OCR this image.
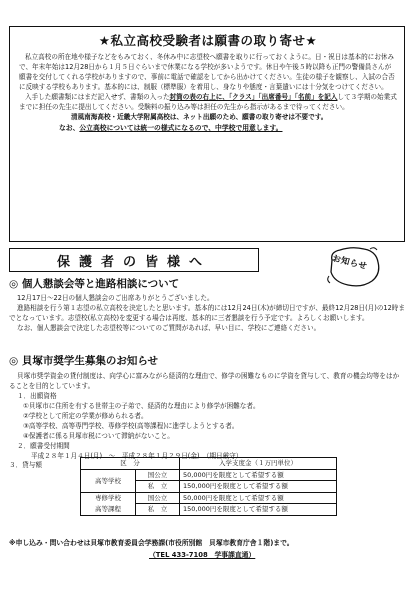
★私立高校受験者は願書の取り寄せ★

私立高校の所在地や様子などをもみておく、冬休み中に志望校へ願書を取りに行っておくように。日・祝日は基本的にお休みで、年末年始は12月28日から１月５日ぐらいまで休業になる学校が多いようです。休日や午後５時以降も正門の警備員さんが願書を交付してくれる学校がありますので、事前に電話で確認をしてから出かけてください。生徒の様子を観察し、入試の合否に反映する学校もあります。基本的には、制服（標準服）を着用し、身なりや態度・言葉遣いには十分気をつけてください。

入手した願書類にはまだ記入せず、書類の入った封筒の表の右上に、「クラス」「出席番号」「名前」を記入して３学期の始業式までに担任の先生に提出してください。受験料の振り込み等は担任の先生から指示があるまで待ってください。

清風南海高校・近畿大学附属高校は、ネット出願のため、願書の取り寄せは不要です。

なお、公立高校については統一の様式になるので、中学校で用意します。

保護者の皆様へ	お知らせ
◎ 個人懇談会等と進路相談について

12月17日～22日の個人懇談会のご出席ありがとうございました。

進路相談を行う第１志望の私立高校を決定したと思います。基本的には12月24日(木)が締切日ですが、最終12月28日(月)の12時までとなっています。志望校(私立高校)を変更する場合は再度、基本的に三者懇談を行う予定です。よろしくお願いします。

なお、個人懇談会で決定した志望校等についてのご質問があれば、早い目に、学校にご連絡ください。

◎ 貝塚市奨学生募集のお知らせ

貝塚市奨学資金の貸付制度は、向学心に富みながら経済的な理由で、修学の困難なものに学資を貸与して、教育の機会均等をはかることを目的としています。

１．出願資格

①貝塚市に住所を有する世帯主の子弟で、経済的な理由により修学が困難な者。

②学校として所定の学業が修められる者。

③高等学校、高等専門学校、専修学校(高等課程)に進学しようとする者。

④保護者に係る貝塚市税について滞納がないこと。

２．願書受付期間

平成２８年１月４日(月)　～　平成２８年１月２９日(金)　（期日厳守）

３．貸与額	区　分		入学支度金（１万円単位）
高等学校	国公立	50,000円を限度として希望する額
	私　立	150,000円を限度として希望する額
専修学校	国公立	50,000円を限度として希望する額
高等課程	私　立	150,000円を限度として希望する額
※申し込み・問い合わせは貝塚市教育委員会学務課(市役所別館　貝塚市教育庁舎１階)まで。
（TEL 433-7108　学事課直通）
